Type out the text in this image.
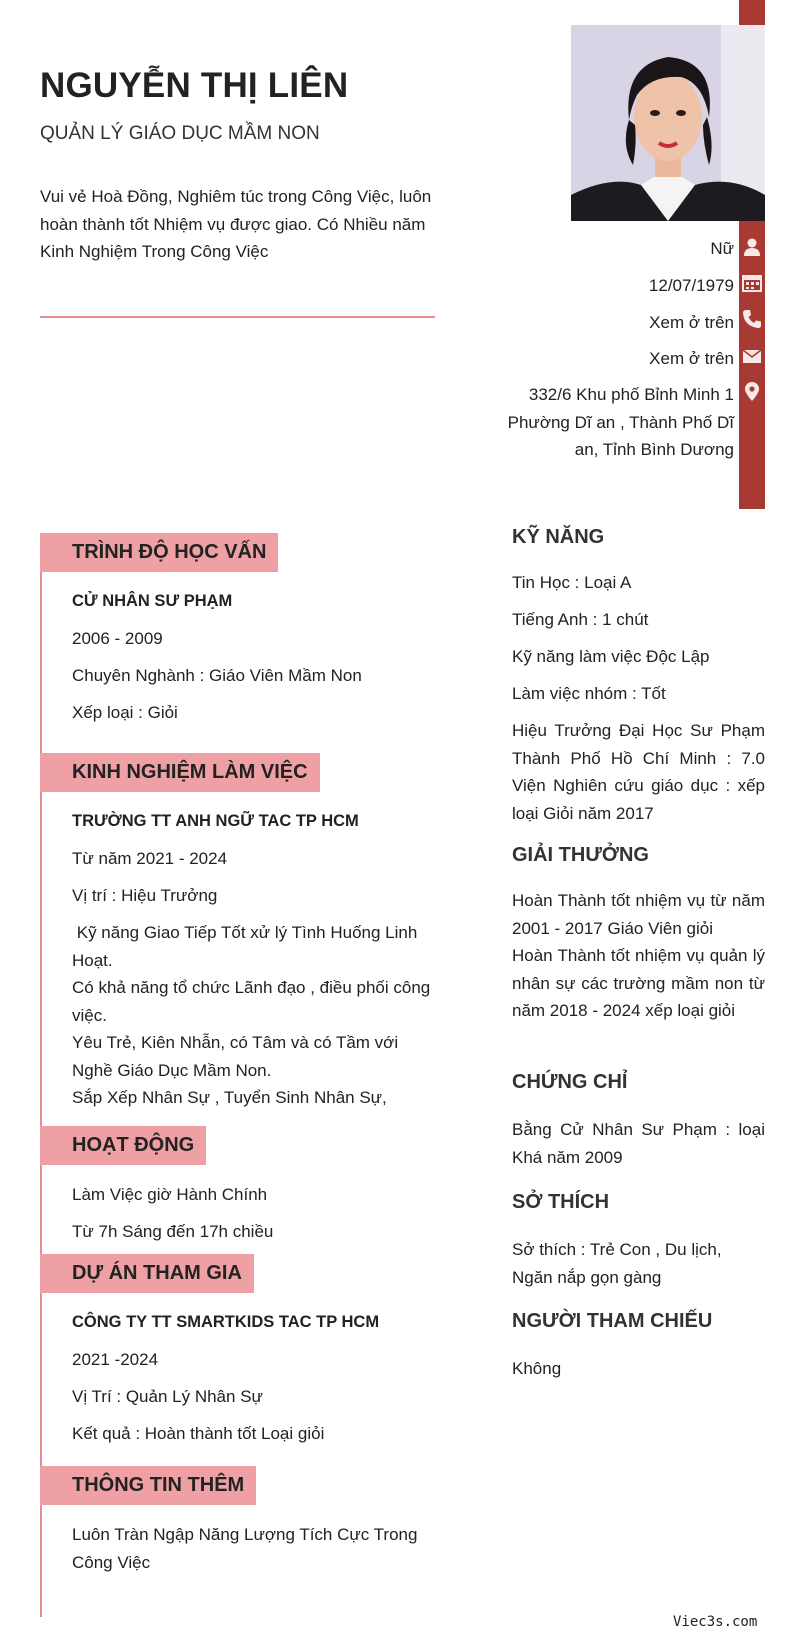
NGUYỄN THỊ LIÊN
QUẢN LÝ GIÁO DỤC MẦM NON
Vui vẻ Hoà Đồng, Nghiêm túc trong Công Việc, luôn hoàn thành tốt Nhiệm vụ được giao. Có Nhiều năm Kinh Nghiệm Trong Công Việc	Nữ
12/07/1979
Xem ở trên
Xem ở trên
332/6 Khu phố Bỉnh Minh 1 Phường Dĩ an , Thành Phố Dĩ an, Tỉnh Bình Dương
TRÌNH ĐỘ HỌC VẤN
CỬ NHÂN SƯ PHẠM
2006 - 2009
Chuyên Nghành : Giáo Viên Mầm Non
Xếp loại : Giỏi
KINH NGHIỆM LÀM VIỆC
TRƯỜNG TT ANH NGỮ TAC TP HCM
Từ năm 2021 - 2024
Vị trí : Hiệu Trưởng
Kỹ năng Giao Tiếp Tốt xử lý Tình Huống Linh Hoạt.
Có khả năng tổ chức Lãnh đạo , điều phối công việc.
Yêu Trẻ, Kiên Nhẫn, có Tâm và có Tầm với Nghề Giáo Dục Mầm Non.
Sắp Xếp Nhân Sự , Tuyển Sinh Nhân Sự,
HOẠT ĐỘNG
Làm Việc giờ Hành Chính
Từ 7h Sáng đến 17h chiều
DỰ ÁN THAM GIA
CÔNG TY TT SMARTKIDS TAC TP HCM
2021 -2024
Vị Trí : Quản Lý Nhân Sự
Kết quả : Hoàn thành tốt Loại giỏi
THÔNG TIN THÊM
Luôn Tràn Ngập Năng Lượng Tích Cực Trong Công Việc
KỸ NĂNG
Tin Học : Loại A
Tiếng Anh : 1 chút
Kỹ năng làm việc Độc Lập
Làm việc nhóm : Tốt
Hiệu Trưởng Đại Học Sư Phạm Thành Phố Hồ Chí Minh : 7.0 Viện Nghiên cứu giáo dục : xếp loại Giỏi năm 2017
GIẢI THƯỞNG
Hoàn Thành tốt nhiệm vụ từ năm 2001 - 2017 Giáo Viên giỏi
Hoàn Thành tốt nhiệm vụ quản lý nhân sự các trường mầm non từ năm 2018 - 2024 xếp loại giỏi
CHỨNG CHỈ
Bằng Cử Nhân Sư Phạm : loại Khá năm 2009
SỞ THÍCH
Sở thích : Trẻ Con , Du lịch, Ngăn nắp gọn gàng
NGƯỜI THAM CHIẾU
Không
Viec3s.com
